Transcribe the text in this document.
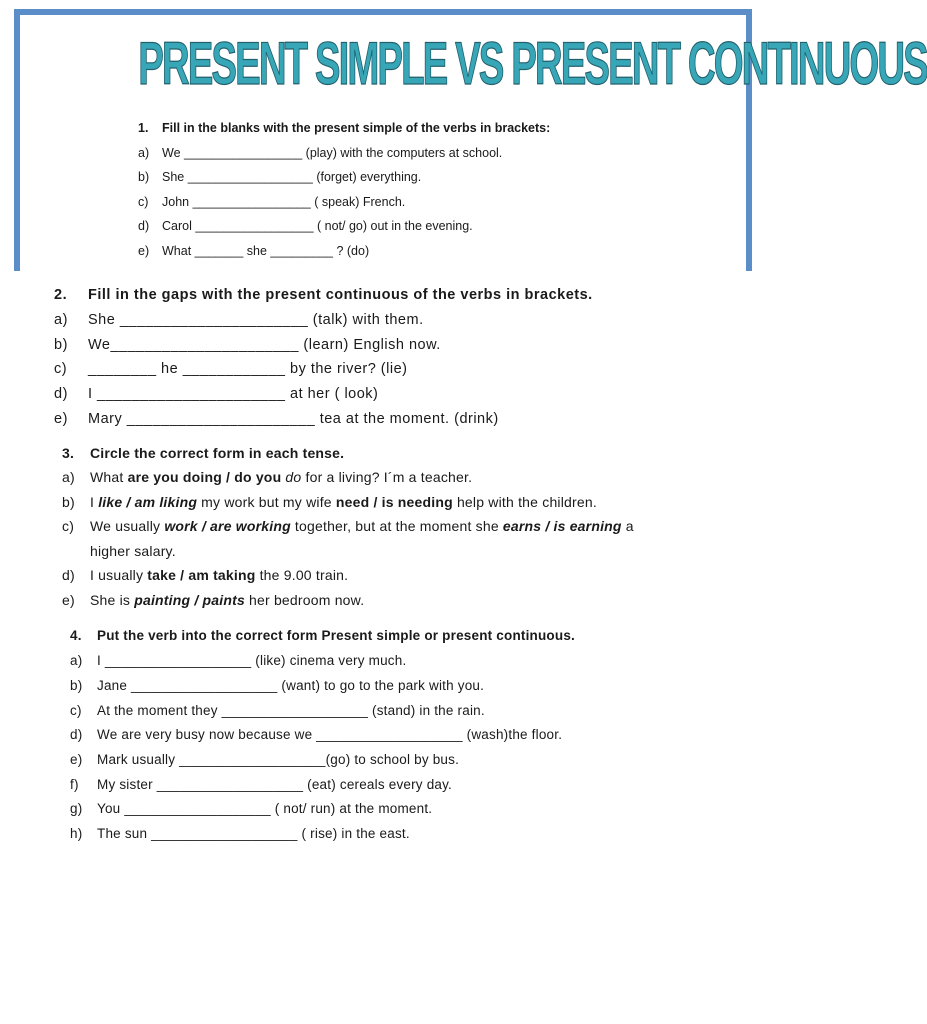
PRESENT SIMPLE VS PRESENT CONTINUOUS
1. Fill in the blanks with the present simple of the verbs in brackets:
a) We _________________ (play) with the computers at school.
b) She __________________ (forget) everything.
c) John _________________ ( speak) French.
d) Carol _________________ ( not/ go) out in the evening.
e) What _______ she _________ ? (do)
2. Fill in the gaps with the present continuous of the verbs in brackets.
a) She ______________________ (talk) with them.
b) We______________________ (learn) English now.
c) ________ he ____________ by the river? (lie)
d) I ______________________ at her ( look)
e) Mary ______________________ tea at the moment. (drink)
3. Circle the correct form in each tense.
a) What are you doing / do you do for a living? I´m a teacher.
b) I like / am liking my work but my wife need / is needing help with the children.
c) We usually work / are working together, but at the moment she earns / is earning a
higher salary.
d) I usually take / am taking the 9.00 train.
e) She is painting / paints her bedroom now.
4. Put the verb into the correct form Present simple or present continuous.
a) I ___________________ (like) cinema very much.
b) Jane ___________________ (want) to go to the park with you.
c) At the moment they ___________________ (stand) in the rain.
d) We are very busy now because we ___________________ (wash)the floor.
e) Mark usually ___________________(go) to school by bus.
f) My sister ___________________ (eat) cereals every day.
g) You ___________________ ( not/ run) at the moment.
h) The sun ___________________ ( rise) in the east.
